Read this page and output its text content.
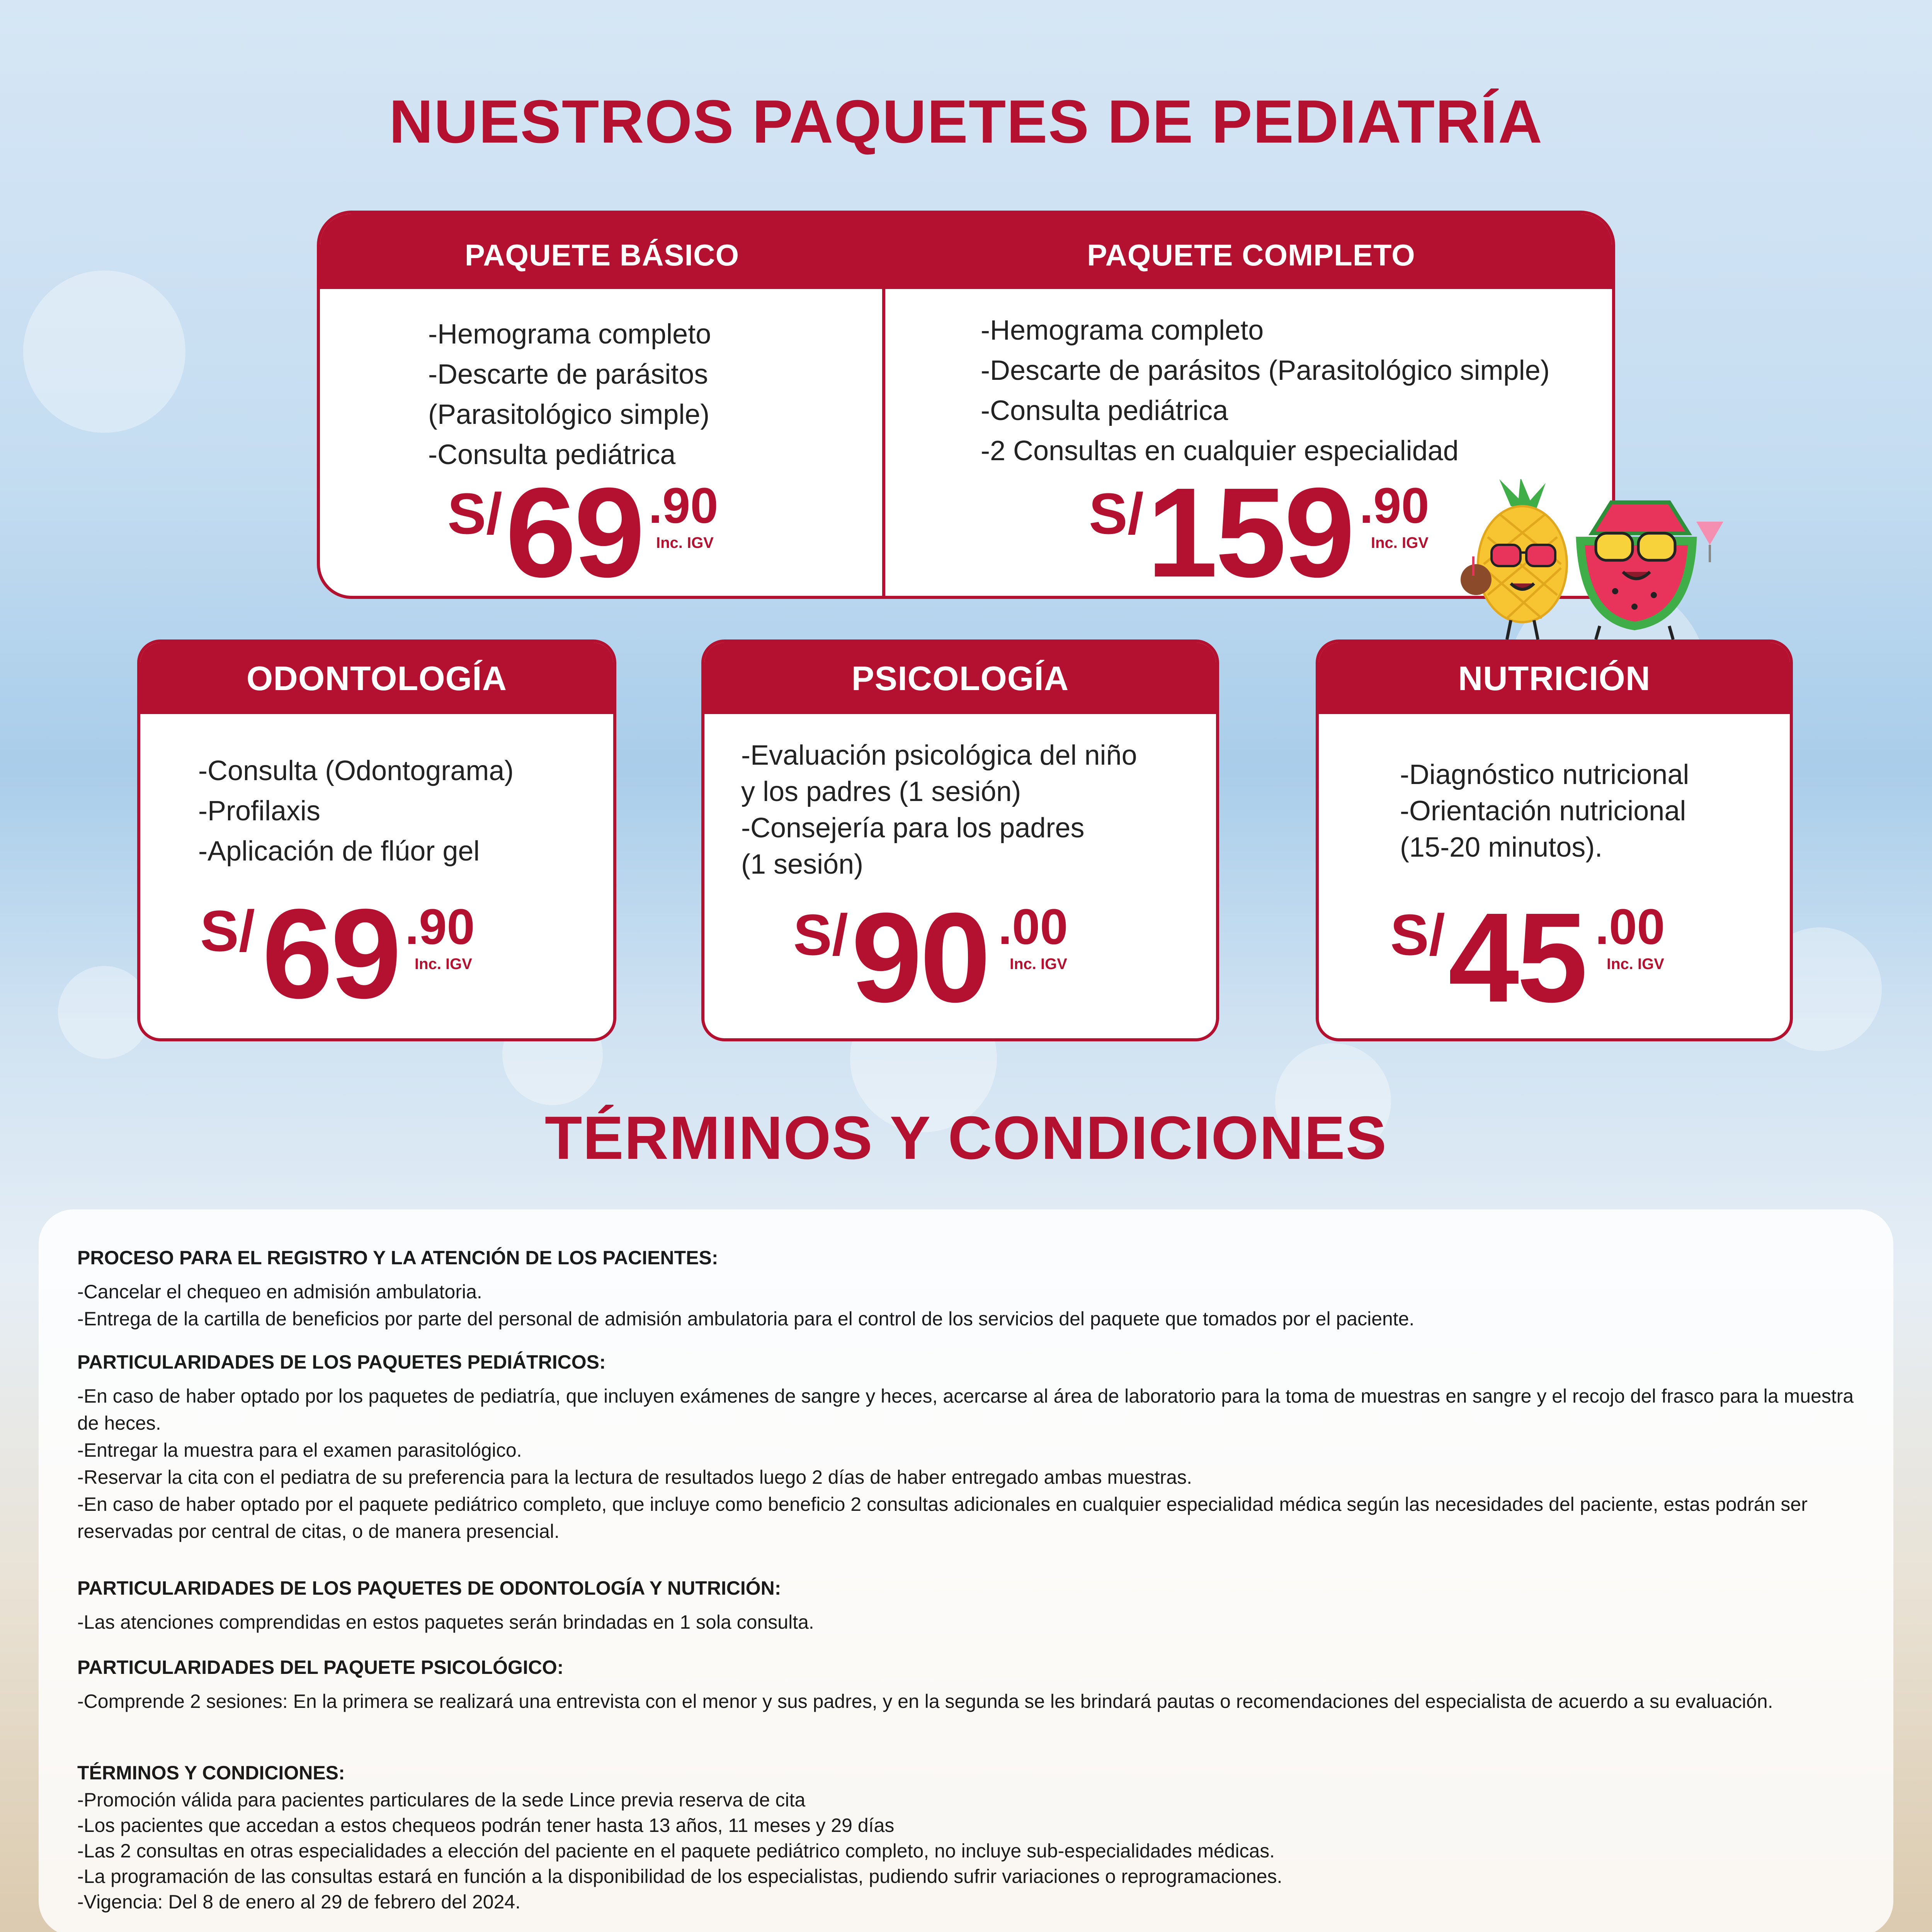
NUESTROS PAQUETES DE PEDIATRÍA
PAQUETE BÁSICO	PAQUETE COMPLETO
-Hemograma completo
-Descarte de parásitos
(Parasitológico simple)
-Consulta pediátrica
S/ 69 .90
Inc. IGV
-Hemograma completo
-Descarte de parásitos (Parasitológico simple)
-Consulta pediátrica
-2 Consultas en cualquier especialidad
S/ 159 .90
Inc. IGV
ODONTOLOGÍA
-Consulta (Odontograma)
-Profilaxis
-Aplicación de flúor gel
S/ 69 .90
Inc. IGV
PSICOLOGÍA
-Evaluación psicológica del niño
y los padres (1 sesión)
-Consejería para los padres
(1 sesión)
S/ 90 .00
Inc. IGV
NUTRICIÓN
-Diagnóstico nutricional
-Orientación nutricional
(15-20 minutos).
S/ 45 .00
Inc. IGV
TÉRMINOS Y CONDICIONES
PROCESO PARA EL REGISTRO Y LA ATENCIÓN DE LOS PACIENTES:

-Cancelar el chequeo en admisión ambulatoria.

-Entrega de la cartilla de beneficios por parte del personal de admisión ambulatoria para el control de los servicios del paquete que tomados por el paciente.

PARTICULARIDADES DE LOS PAQUETES PEDIÁTRICOS:

-En caso de haber optado por los paquetes de pediatría, que incluyen exámenes de sangre y heces, acercarse al área de laboratorio para la toma de muestras en sangre y el recojo del frasco para la muestra de heces.

-Entregar la muestra para el examen parasitológico.

-Reservar la cita con el pediatra de su preferencia para la lectura de resultados luego 2 días de haber entregado ambas muestras.

-En caso de haber optado por el paquete pediátrico completo, que incluye como beneficio 2 consultas adicionales en cualquier especialidad médica según las necesidades del paciente, estas podrán ser reservadas por central de citas, o de manera presencial.

PARTICULARIDADES DE LOS PAQUETES DE ODONTOLOGÍA Y NUTRICIÓN:

-Las atenciones comprendidas en estos paquetes serán brindadas en 1 sola consulta.

PARTICULARIDADES DEL PAQUETE PSICOLÓGICO:

-Comprende 2 sesiones: En la primera se realizará una entrevista con el menor y sus padres, y en la segunda se les brindará pautas o recomendaciones del especialista de acuerdo a su evaluación.

TÉRMINOS Y CONDICIONES:

-Promoción válida para pacientes particulares de la sede Lince previa reserva de cita

-Los pacientes que accedan a estos chequeos podrán tener hasta 13 años, 11 meses y 29 días

-Las 2 consultas en otras especialidades a elección del paciente en el paquete pediátrico completo, no incluye sub-especialidades médicas.

-La programación de las consultas estará en función a la disponibilidad de los especialistas, pudiendo sufrir variaciones o reprogramaciones.

-Vigencia: Del 8 de enero al 29 de febrero del 2024.
